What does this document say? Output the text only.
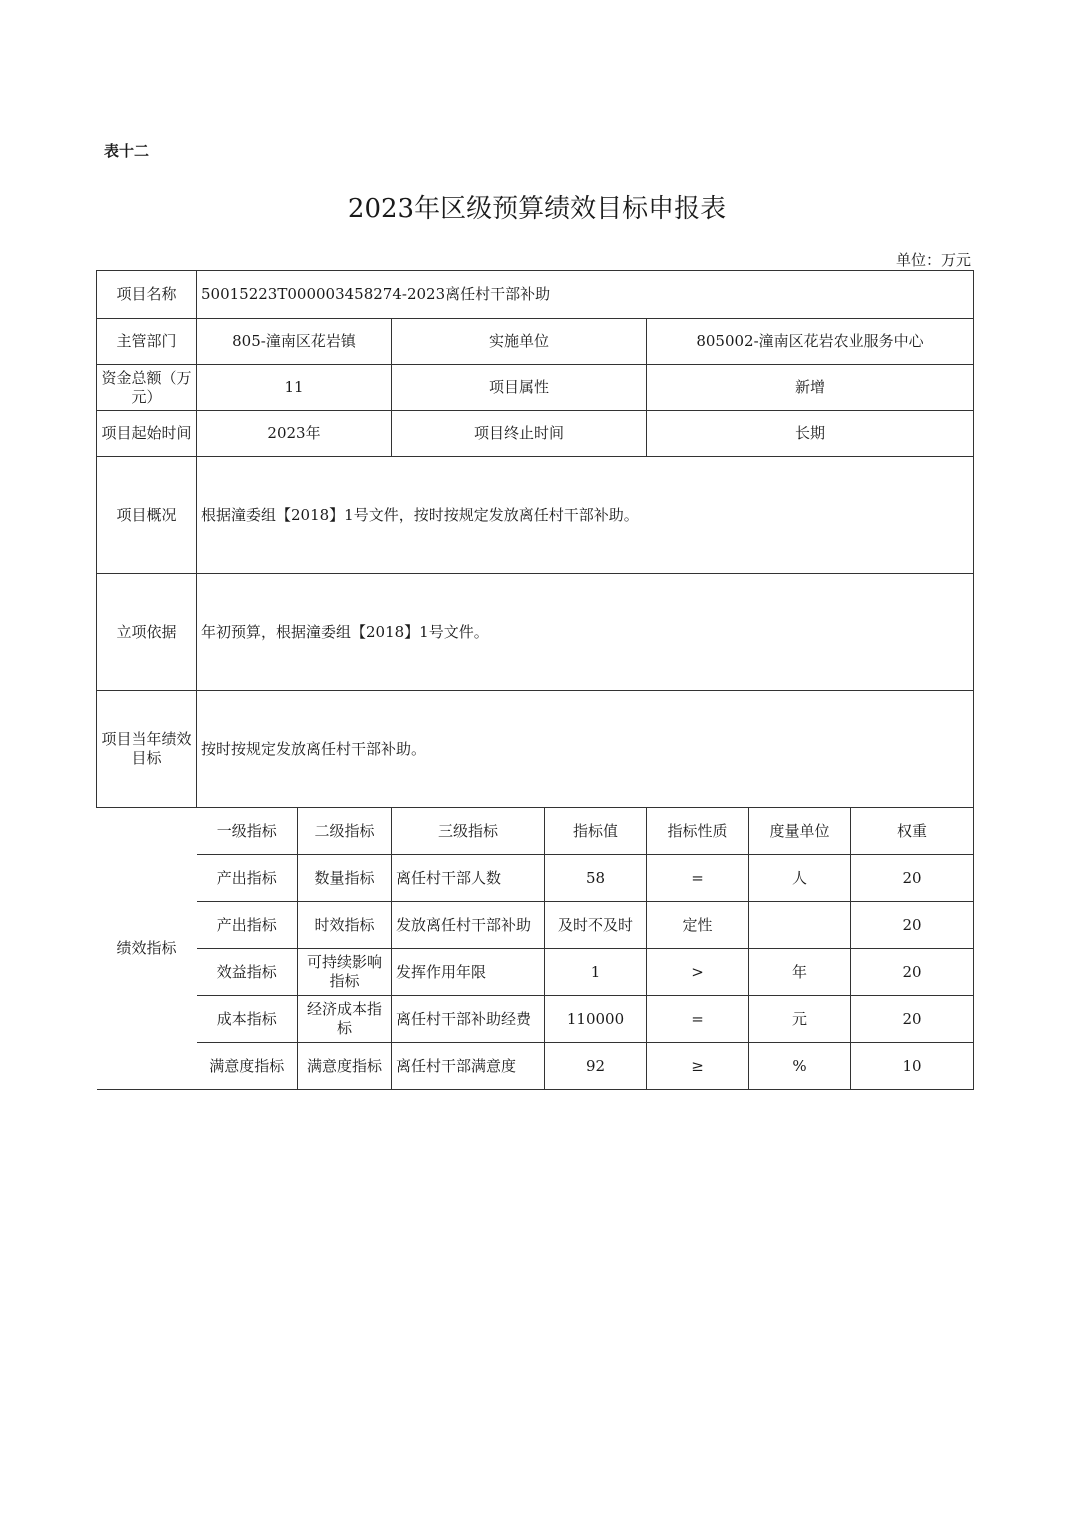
表十二
2023年区级预算绩效目标申报表
单位：万元
项目名称	50015223T000003458274-2023离任村干部补助						
主管部门	805-潼南区花岩镇		实施单位		805002-潼南区花岩农业服务中心		
资金总额（万元）	11		项目属性		新增		
项目起始时间	2023年		项目终止时间		长期		
项目概况	根据潼委组【2018】1号文件，按时按规定发放离任村干部补助。						
立项依据	年初预算，根据潼委组【2018】1号文件。						
项目当年绩效目标	按时按规定发放离任村干部补助。						
绩效指标	一级指标	二级指标	三级指标	指标值	指标性质	度量单位	权重
	产出指标	数量指标	离任村干部人数	58	=	人	20
	产出指标	时效指标	发放离任村干部补助	及时不及时	定性		20
	效益指标	可持续影响指标	发挥作用年限	1	>	年	20
	成本指标	经济成本指标	离任村干部补助经费	110000	=	元	20
	满意度指标	满意度指标	离任村干部满意度	92	≥	%	10
